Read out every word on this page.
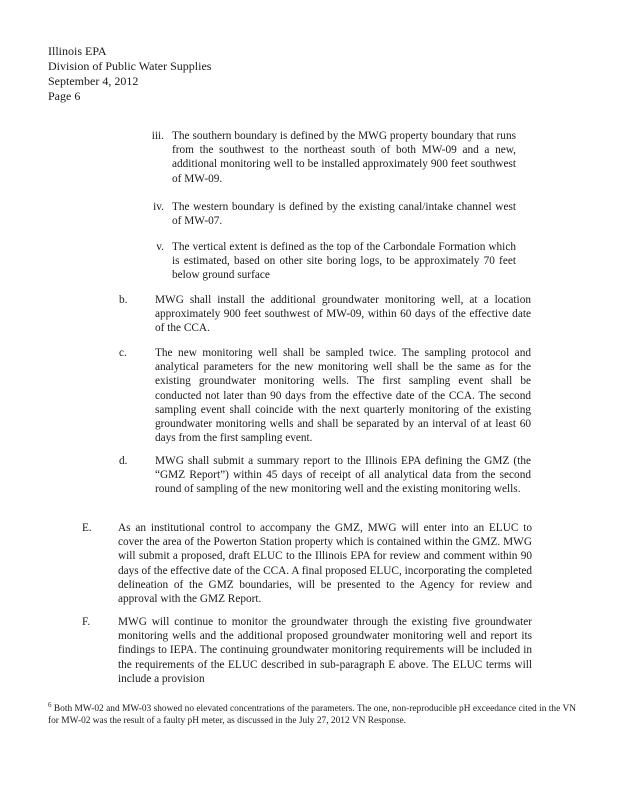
Illinois EPA
Division of Public Water Supplies
September 4, 2012
Page 6
iii. The southern boundary is defined by the MWG property boundary that runs from the southwest to the northeast south of both MW-09 and a new, additional monitoring well to be installed approximately 900 feet southwest of MW-09.
iv. The western boundary is defined by the existing canal/intake channel west of MW-07.
v. The vertical extent is defined as the top of the Carbondale Formation which is estimated, based on other site boring logs, to be approximately 70 feet below ground surface
b. MWG shall install the additional groundwater monitoring well, at a location approximately 900 feet southwest of MW-09, within 60 days of the effective date of the CCA.
c. The new monitoring well shall be sampled twice. The sampling protocol and analytical parameters for the new monitoring well shall be the same as for the existing groundwater monitoring wells. The first sampling event shall be conducted not later than 90 days from the effective date of the CCA. The second sampling event shall coincide with the next quarterly monitoring of the existing groundwater monitoring wells and shall be separated by an interval of at least 60 days from the first sampling event.
d. MWG shall submit a summary report to the Illinois EPA defining the GMZ (the “GMZ Report”) within 45 days of receipt of all analytical data from the second round of sampling of the new monitoring well and the existing monitoring wells.
E. As an institutional control to accompany the GMZ, MWG will enter into an ELUC to cover the area of the Powerton Station property which is contained within the GMZ. MWG will submit a proposed, draft ELUC to the Illinois EPA for review and comment within 90 days of the effective date of the CCA. A final proposed ELUC, incorporating the completed delineation of the GMZ boundaries, will be presented to the Agency for review and approval with the GMZ Report.
F. MWG will continue to monitor the groundwater through the existing five groundwater monitoring wells and the additional proposed groundwater monitoring well and report its findings to IEPA. The continuing groundwater monitoring requirements will be included in the requirements of the ELUC described in sub-paragraph E above. The ELUC terms will include a provision
$^6$ Both MW-02 and MW-03 showed no elevated concentrations of the parameters. The one, non-reproducible pH exceedance cited in the VN for MW-02 was the result of a faulty pH meter, as discussed in the July 27, 2012 VN Response.
